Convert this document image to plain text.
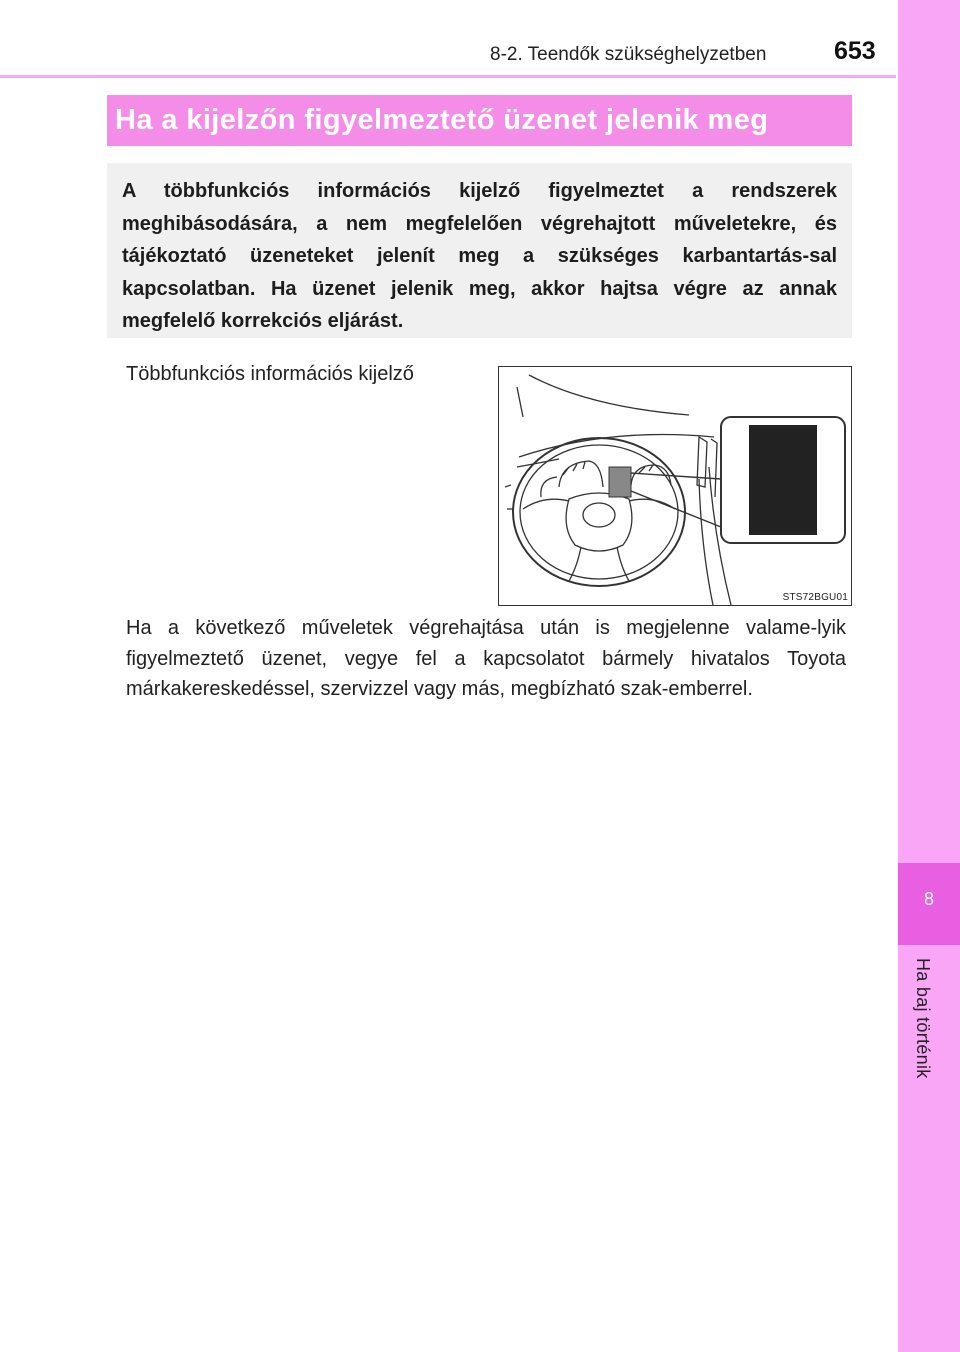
8-2. Teendők szükséghelyzetben	653
8
Ha baj történik
Ha a kijelzőn figyelmeztető üzenet jelenik meg

A többfunkciós információs kijelző figyelmeztet a rendszerek meghibásodására, a nem megfelelően végrehajtott műveletekre, és tájékoztató üzeneteket jelenít meg a szükséges karbantartás-sal kapcsolatban. Ha üzenet jelenik meg, akkor hajtsa végre az annak megfelelő korrekciós eljárást.

Többfunkciós információs kijelző
STS72BGU01

Ha a következő műveletek végrehajtása után is megjelenne valame-lyik figyelmeztető üzenet, vegye fel a kapcsolatot bármely hivatalos Toyota márkakereskedéssel, szervizzel vagy más, megbízható szak-emberrel.
